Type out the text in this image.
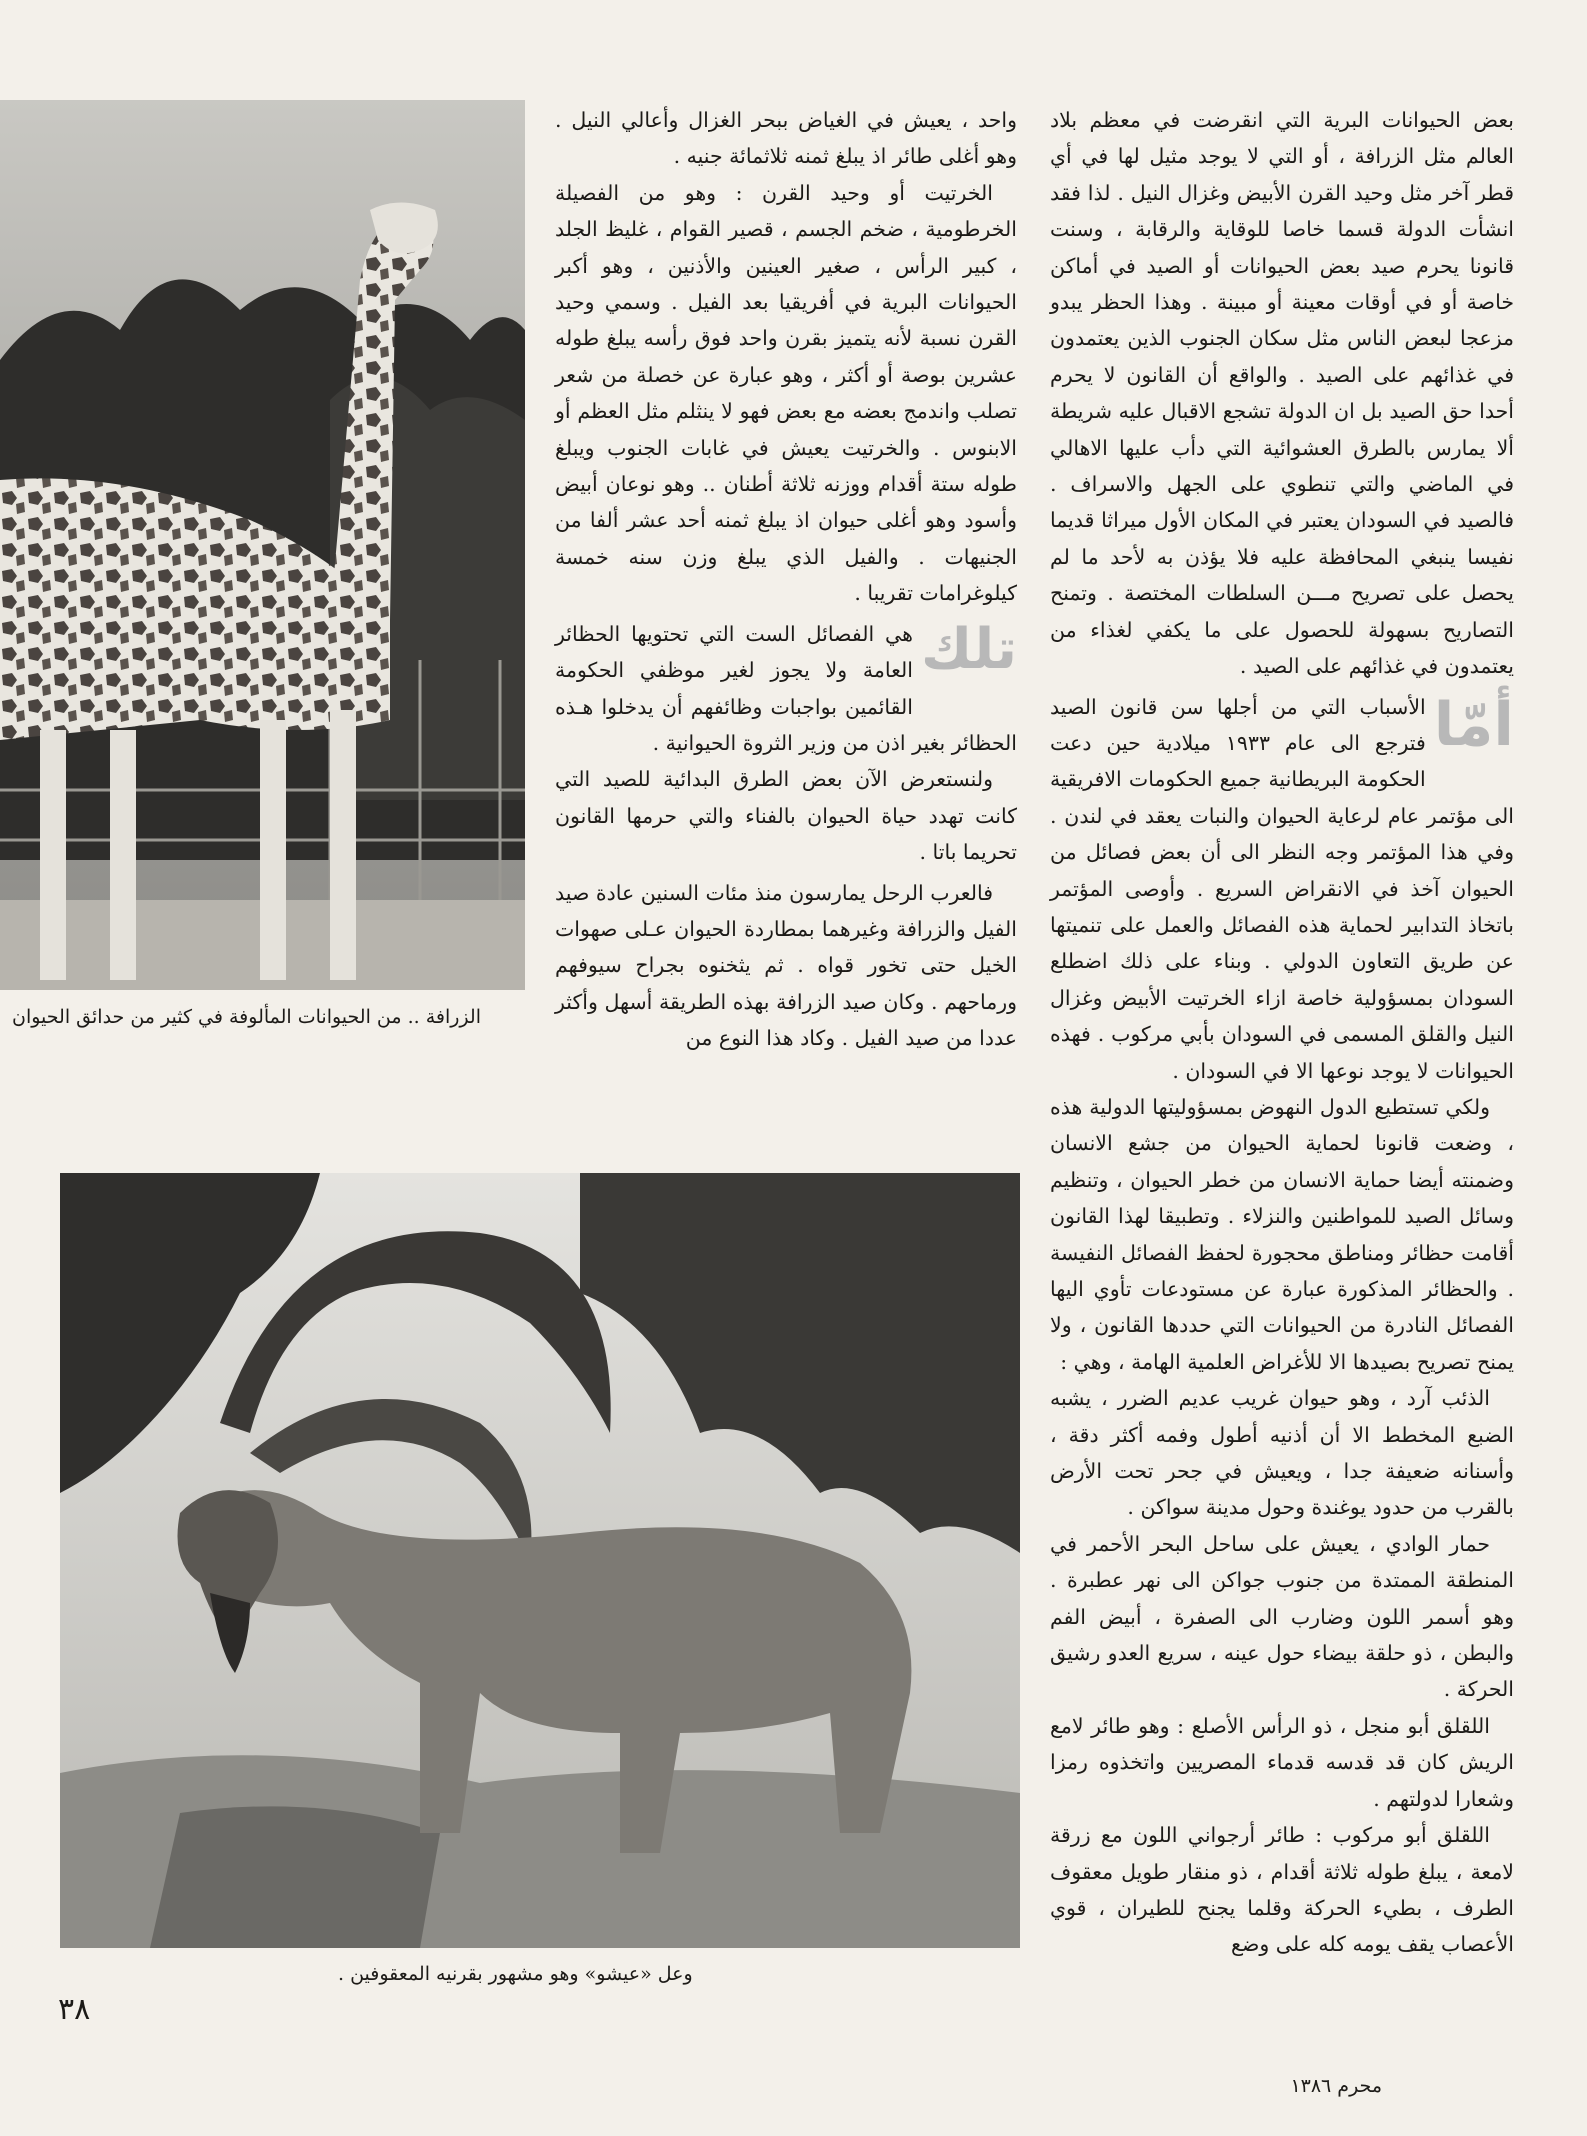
الزرافة .. من الحيوانات المألوفة في كثير من حدائق الحيوان

واحد ، يعيش في الغياض ببحر الغزال وأعالي النيل . وهو أغلى طائر اذ يبلغ ثمنه ثلاثمائة جنيه .

الخرتيت أو وحيد القرن : وهو من الفصيلة الخرطومية ، ضخم الجسم ، قصير القوام ، غليظ الجلد ، كبير الرأس ، صغير العينين والأذنين ، وهو أكبر الحيوانات البرية في أفريقيا بعد الفيل . وسمي وحيد القرن نسبة لأنه يتميز بقرن واحد فوق رأسه يبلغ طوله عشرين بوصة أو أكثر ، وهو عبارة عن خصلة من شعر تصلب واندمج بعضه مع بعض فهو لا ينثلم مثل العظم أو الابنوس . والخرتيت يعيش في غابات الجنوب ويبلغ طوله ستة أقدام ووزنه ثلاثة أطنان .. وهو نوعان أبيض وأسود وهو أغلى حيوان اذ يبلغ ثمنه أحد عشر ألفا من الجنيهات . والفيل الذي يبلغ وزن سنه خمسة كيلوغرامات تقريبا .

تلك
هي الفصائل الست التي تحتويها الحظائر العامة ولا يجوز لغير موظفي الحكومة القائمين بواجبات وظائفهم أن يدخلوا هـذه الحظائر بغير اذن من وزير الثروة الحيوانية .

ولنستعرض الآن بعض الطرق البدائية للصيد التي كانت تهدد حياة الحيوان بالفناء والتي حرمها القانون تحريما باتا .

فالعرب الرحل يمارسون منذ مئات السنين عادة صيد الفيل والزرافة وغيرهما بمطاردة الحيوان عـلى صهوات الخيل حتى تخور قواه . ثم يثخنوه بجراح سيوفهم ورماحهم . وكان صيد الزرافة بهذه الطريقة أسهل وأكثر عددا من صيد الفيل . وكاد هذا النوع من

بعض الحيوانات البرية التي انقرضت في معظم بلاد العالم مثل الزرافة ، أو التي لا يوجد مثيل لها في أي قطر آخر مثل وحيد القرن الأبيض وغزال النيل . لذا فقد انشأت الدولة قسما خاصا للوقاية والرقابة ، وسنت قانونا يحرم صيد بعض الحيوانات أو الصيد في أماكن خاصة أو في أوقات معينة أو مبينة . وهذا الحظر يبدو مزعجا لبعض الناس مثل سكان الجنوب الذين يعتمدون في غذائهم على الصيد . والواقع أن القانون لا يحرم أحدا حق الصيد بل ان الدولة تشجع الاقبال عليه شريطة ألا يمارس بالطرق العشوائية التي دأب عليها الاهالي في الماضي والتي تنطوي على الجهل والاسراف . فالصيد في السودان يعتبر في المكان الأول ميراثا قديما نفيسا ينبغي المحافظة عليه فلا يؤذن به لأحد ما لم يحصل على تصريح مـــن السلطات المختصة . وتمنح التصاريح بسهولة للحصول على ما يكفي لغذاء من يعتمدون في غذائهم على الصيد .

أمّا
الأسباب التي من أجلها سن قانون الصيد فترجع الى عام ١٩٣٣ ميلادية حين دعت الحكومة البريطانية جميع الحكومات الافريقية الى مؤتمر عام لرعاية الحيوان والنبات يعقد في لندن . وفي هذا المؤتمر وجه النظر الى أن بعض فصائل من الحيوان آخذ في الانقراض السريع . وأوصى المؤتمر باتخاذ التدابير لحماية هذه الفصائل والعمل على تنميتها عن طريق التعاون الدولي . وبناء على ذلك اضطلع السودان بمسؤولية خاصة ازاء الخرتيت الأبيض وغزال النيل والقلق المسمى في السودان بأبي مركوب . فهذه الحيوانات لا يوجد نوعها الا في السودان .

ولكي تستطيع الدول النهوض بمسؤوليتها الدولية هذه ، وضعت قانونا لحماية الحيوان من جشع الانسان وضمنته أيضا حماية الانسان من خطر الحيوان ، وتنظيم وسائل الصيد للمواطنين والنزلاء . وتطبيقا لهذا القانون أقامت حظائر ومناطق محجورة لحفظ الفصائل النفيسة . والحظائر المذكورة عبارة عن مستودعات تأوي اليها الفصائل النادرة من الحيوانات التي حددها القانون ، ولا يمنح تصريح بصيدها الا للأغراض العلمية الهامة ، وهي :

الذئب آرد ، وهو حيوان غريب عديم الضرر ، يشبه الضبع المخطط الا أن أذنيه أطول وفمه أكثر دقة ، وأسنانه ضعيفة جدا ، ويعيش في جحر تحت الأرض بالقرب من حدود يوغندة وحول مدينة سواكن .

حمار الوادي ، يعيش على ساحل البحر الأحمر في المنطقة الممتدة من جنوب جواكن الى نهر عطبرة . وهو أسمر اللون وضارب الى الصفرة ، أبيض الفم والبطن ، ذو حلقة بيضاء حول عينه ، سريع العدو رشيق الحركة .

اللقلق أبو منجل ، ذو الرأس الأصلع : وهو طائر لامع الريش كان قد قدسه قدماء المصريين واتخذوه رمزا وشعارا لدولتهم .

اللقلق أبو مركوب : طائر أرجواني اللون مع زرقة لامعة ، يبلغ طوله ثلاثة أقدام ، ذو منقار طويل معقوف الطرف ، بطيء الحركة وقلما يجنح للطيران ، قوي الأعصاب يقف يومه كله على وضع

وعل «عيشو» وهو مشهور بقرنيه المعقوفين .
٣٨
محرم ١٣٨٦
